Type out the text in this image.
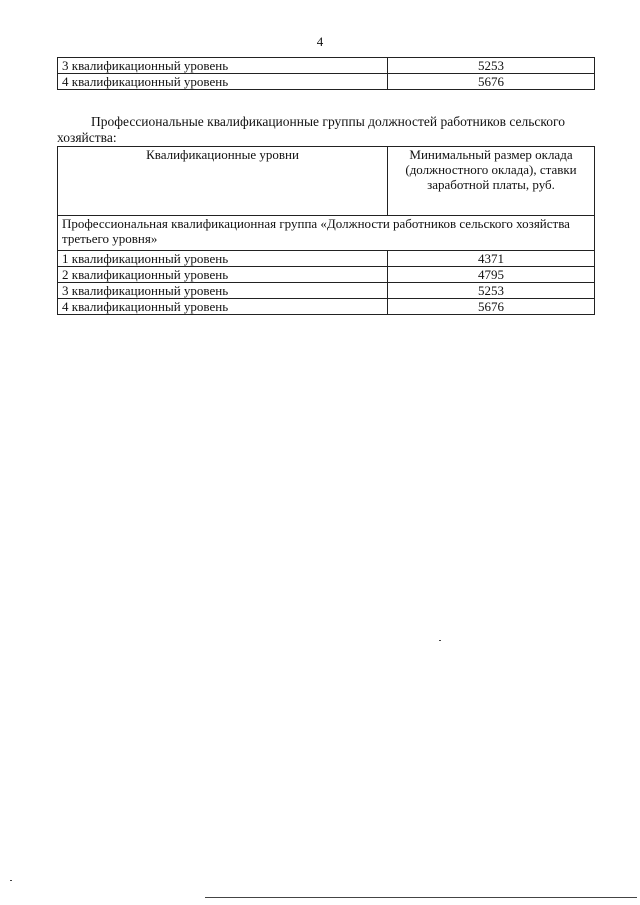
4
3 квалификационный уровень	5253
4 квалификационный уровень	5676
Профессиональные квалификационные группы должностей работников сельского хозяйства:
Квалификационные уровни	Минимальный размер оклада (должностного оклада), ставки заработной платы, руб.
Профессиональная квалификационная группа «Должности работников сельского хозяйства третьего уровня»	
1 квалификационный уровень	4371
2 квалификационный уровень	4795
3 квалификационный уровень	5253
4 квалификационный уровень	5676
